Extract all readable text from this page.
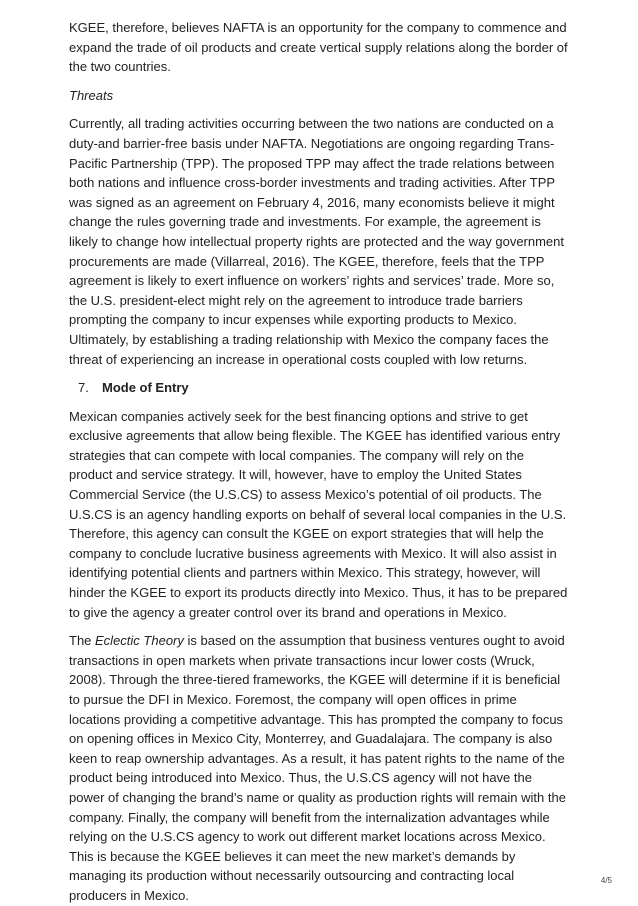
KGEE, therefore, believes NAFTA is an opportunity for the company to commence and expand the trade of oil products and create vertical supply relations along the border of the two countries.

Threats

Currently, all trading activities occurring between the two nations are conducted on a duty-and barrier-free basis under NAFTA. Negotiations are ongoing regarding Trans-Pacific Partnership (TPP). The proposed TPP may affect the trade relations between both nations and influence cross-border investments and trading activities. After TPP was signed as an agreement on February 4, 2016, many economists believe it might change the rules governing trade and investments. For example, the agreement is likely to change how intellectual property rights are protected and the way government procurements are made (Villarreal, 2016). The KGEE, therefore, feels that the TPP agreement is likely to exert influence on workers’ rights and services’ trade. More so, the U.S. president-elect might rely on the agreement to introduce trade barriers prompting the company to incur expenses while exporting products to Mexico. Ultimately, by establishing a trading relationship with Mexico the company faces the threat of experiencing an increase in operational costs coupled with low returns.

7.	Mode of Entry

Mexican companies actively seek for the best financing options and strive to get exclusive agreements that allow being flexible. The KGEE has identified various entry strategies that can compete with local companies. The company will rely on the product and service strategy. It will, however, have to employ the United States Commercial Service (the U.S.CS) to assess Mexico’s potential of oil products. The U.S.CS is an agency handling exports on behalf of several local companies in the U.S. Therefore, this agency can consult the KGEE on export strategies that will help the company to conclude lucrative business agreements with Mexico. It will also assist in identifying potential clients and partners within Mexico. This strategy, however, will hinder the KGEE to export its products directly into Mexico. Thus, it has to be prepared to give the agency a greater control over its brand and operations in Mexico.

The Eclectic Theory is based on the assumption that business ventures ought to avoid transactions in open markets when private transactions incur lower costs (Wruck, 2008). Through the three-tiered frameworks, the KGEE will determine if it is beneficial to pursue the DFI in Mexico. Foremost, the company will open offices in prime locations providing a competitive advantage. This has prompted the company to focus on opening offices in Mexico City, Monterrey, and Guadalajara. The company is also keen to reap ownership advantages. As a result, it has patent rights to the name of the product being introduced into Mexico. Thus, the U.S.CS agency will not have the power of changing the brand’s name or quality as production rights will remain with the company. Finally, the company will benefit from the internalization advantages while relying on the U.S.CS agency to work out different market locations across Mexico. This is because the KGEE believes it can meet the new market’s demands by managing its production without necessarily outsourcing and contracting local producers in Mexico.

4/5
